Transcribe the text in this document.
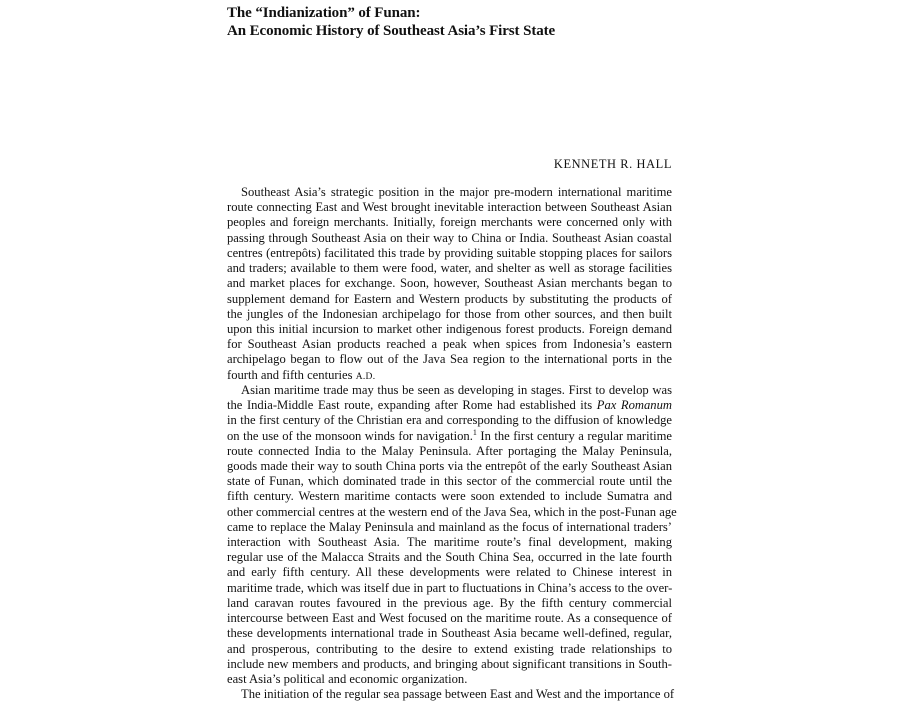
The “Indianization” of Funan:
An Economic History of Southeast Asia’s First State
KENNETH R. HALL
Southeast Asia’s strategic position in the major pre-modern international maritime
route connecting East and West brought inevitable interaction between Southeast Asian
peoples and foreign merchants. Initially, foreign merchants were concerned only with
passing through Southeast Asia on their way to China or India. Southeast Asian coastal
centres (entrepôts) facilitated this trade by providing suitable stopping places for sailors
and traders; available to them were food, water, and shelter as well as storage facilities
and market places for exchange. Soon, however, Southeast Asian merchants began to
supplement demand for Eastern and Western products by substituting the products of
the jungles of the Indonesian archipelago for those from other sources, and then built
upon this initial incursion to market other indigenous forest products. Foreign demand
for Southeast Asian products reached a peak when spices from Indonesia’s eastern
archipelago began to flow out of the Java Sea region to the international ports in the
fourth and fifth centuries A.D.
Asian maritime trade may thus be seen as developing in stages. First to develop was
the India-Middle East route, expanding after Rome had established its Pax Romanum
in the first century of the Christian era and corresponding to the diffusion of knowledge
on the use of the monsoon winds for navigation.$^1$ In the first century a regular maritime
route connected India to the Malay Peninsula. After portaging the Malay Peninsula,
goods made their way to south China ports via the entrepôt of the early Southeast Asian
state of Funan, which dominated trade in this sector of the commercial route until the
fifth century. Western maritime contacts were soon extended to include Sumatra and
other commercial centres at the western end of the Java Sea, which in the post-Funan age
came to replace the Malay Peninsula and mainland as the focus of international traders’
interaction with Southeast Asia. The maritime route’s final development, making
regular use of the Malacca Straits and the South China Sea, occurred in the late fourth
and early fifth century. All these developments were related to Chinese interest in
maritime trade, which was itself due in part to fluctuations in China’s access to the over-
land caravan routes favoured in the previous age. By the fifth century commercial
intercourse between East and West focused on the maritime route. As a consequence of
these developments international trade in Southeast Asia became well-defined, regular,
and prosperous, contributing to the desire to extend existing trade relationships to
include new members and products, and bringing about significant transitions in South-
east Asia’s political and economic organization.
The initiation of the regular sea passage between East and West and the importance of
